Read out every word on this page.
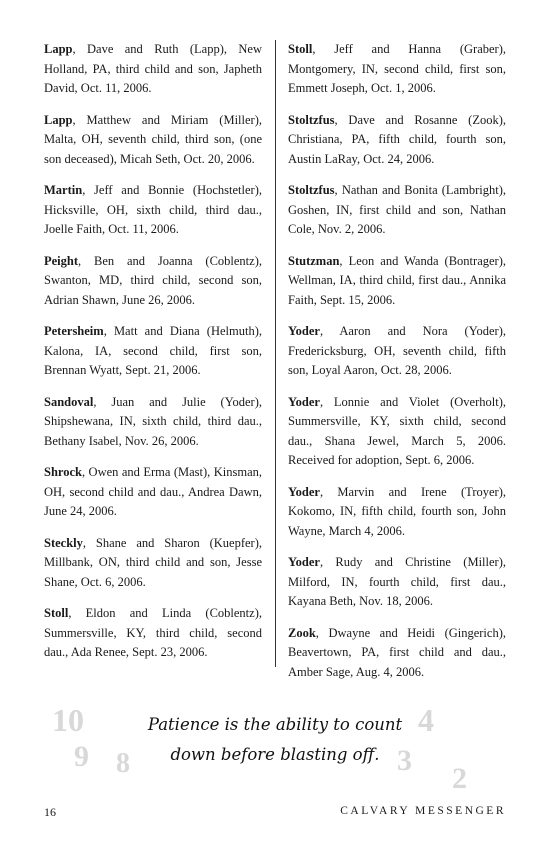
Lapp, Dave and Ruth (Lapp), New Holland, PA, third child and son, Japheth David, Oct. 11, 2006.

Lapp, Matthew and Miriam (Miller), Malta, OH, seventh child, third son, (one son deceased), Micah Seth, Oct. 20, 2006.

Martin, Jeff and Bonnie (Hochstetler), Hicksville, OH, sixth child, third dau., Joelle Faith, Oct. 11, 2006.

Peight, Ben and Joanna (Coblentz), Swanton, MD, third child, second son, Adrian Shawn, June 26, 2006.

Petersheim, Matt and Diana (Helmuth), Kalona, IA, second child, first son, Brennan Wyatt, Sept. 21, 2006.

Sandoval, Juan and Julie (Yoder), Shipshewana, IN, sixth child, third dau., Bethany Isabel, Nov. 26, 2006.

Shrock, Owen and Erma (Mast), Kinsman, OH, second child and dau., Andrea Dawn, June 24, 2006.

Steckly, Shane and Sharon (Kuepfer), Millbank, ON, third child and son, Jesse Shane, Oct. 6, 2006.

Stoll, Eldon and Linda (Coblentz), Summersville, KY, third child, second dau., Ada Renee, Sept. 23, 2006.

Stoll, Jeff and Hanna (Graber), Montgomery, IN, second child, first son, Emmett Joseph, Oct. 1, 2006.

Stoltzfus, Dave and Rosanne (Zook), Christiana, PA, fifth child, fourth son, Austin LaRay, Oct. 24, 2006.

Stoltzfus, Nathan and Bonita (Lambright), Goshen, IN, first child and son, Nathan Cole, Nov. 2, 2006.

Stutzman, Leon and Wanda (Bontrager), Wellman, IA, third child, first dau., Annika Faith, Sept. 15, 2006.

Yoder, Aaron and Nora (Yoder), Fredericksburg, OH, seventh child, fifth son, Loyal Aaron, Oct. 28, 2006.

Yoder, Lonnie and Violet (Overholt), Summersville, KY, sixth child, second dau., Shana Jewel, March 5, 2006. Received for adoption, Sept. 6, 2006.

Yoder, Marvin and Irene (Troyer), Kokomo, IN, fifth child, fourth son, John Wayne, March 4, 2006.

Yoder, Rudy and Christine (Miller), Milford, IN, fourth child, first dau., Kayana Beth, Nov. 18, 2006.

Zook, Dwayne and Heidi (Gingerich), Beavertown, PA, first child and dau., Amber Sage, Aug. 4, 2006.

10
9 8
4
3
2
Patience is the ability to count
down before blasting off.
16	CALVARY MESSENGER
